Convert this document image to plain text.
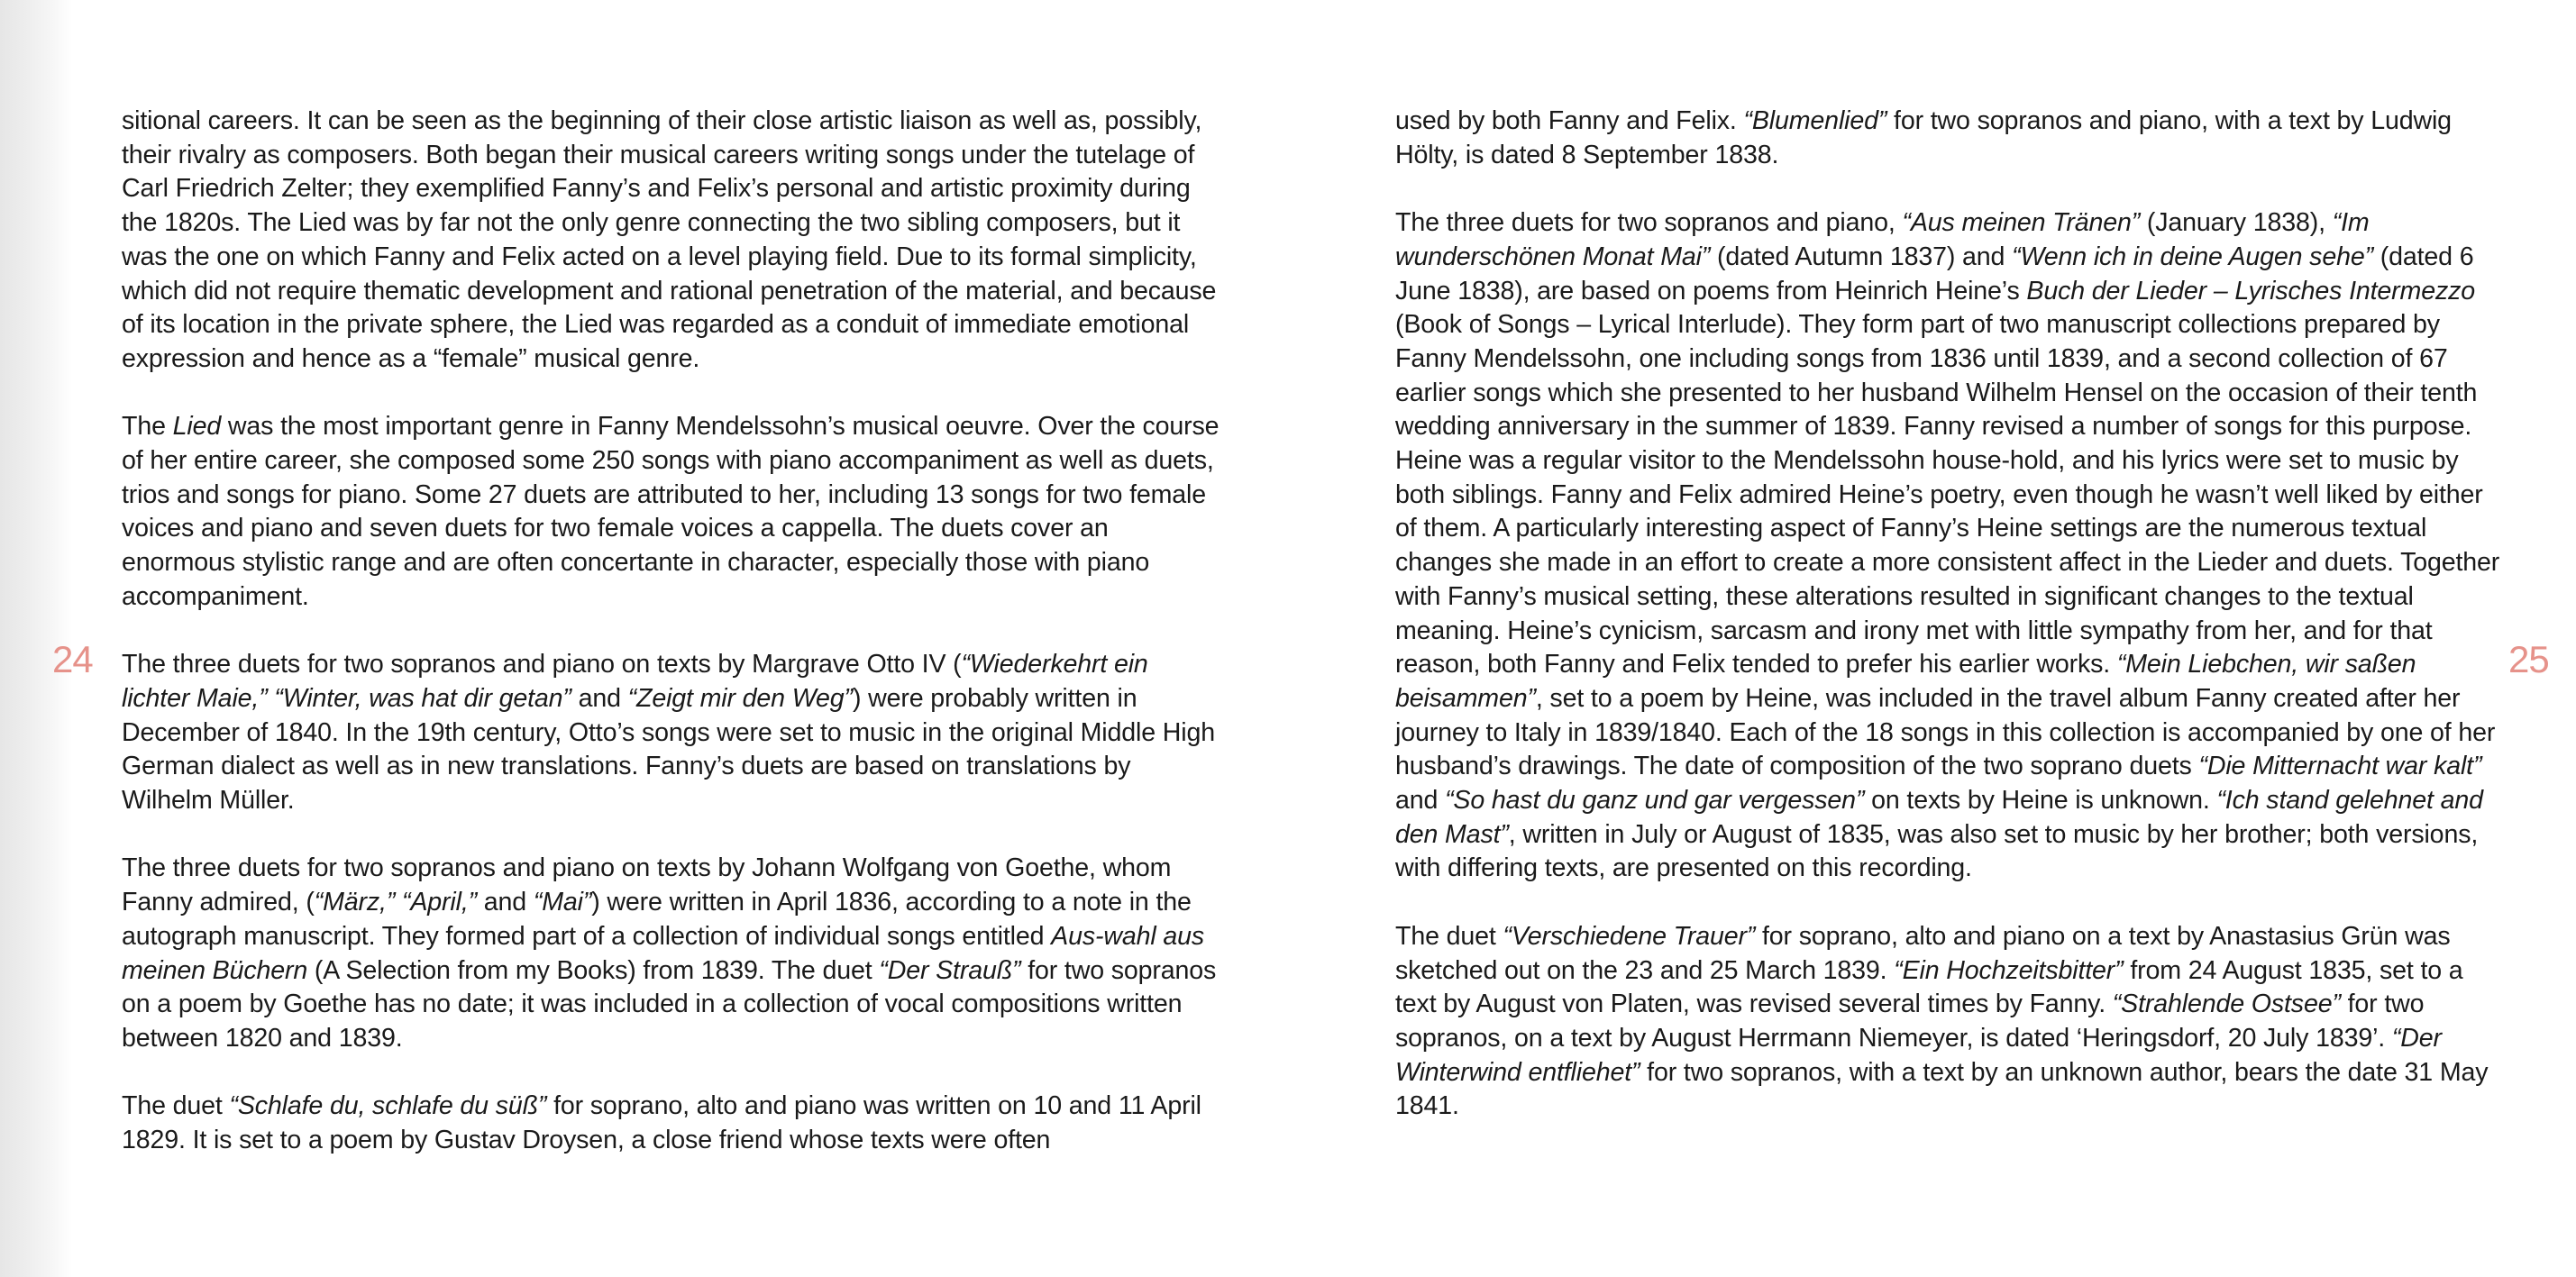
24	25

sitional careers. It can be seen as the beginning of their close artistic liaison as well as, possibly, their rivalry as composers. Both began their musical careers writing songs under the tutelage of Carl Friedrich Zelter; they exemplified Fanny’s and Felix’s personal and artistic proximity during the 1820s. The Lied was by far not the only genre connecting the two sibling composers, but it was the one on which Fanny and Felix acted on a level playing field. Due to its formal simplicity, which did not require thematic development and rational penetration of the material, and because of its location in the private sphere, the Lied was regarded as a conduit of immediate emotional expression and hence as a “female” musical genre.

The Lied was the most important genre in Fanny Mendelssohn’s musical oeuvre. Over the course of her entire career, she composed some 250 songs with piano accompaniment as well as duets, trios and songs for piano. Some 27 duets are attributed to her, including 13 songs for two female voices and piano and seven duets for two female voices a cappella. The duets cover an enormous stylistic range and are often concertante in character, especially those with piano accompaniment.

The three duets for two sopranos and piano on texts by Margrave Otto IV (“Wiederkehrt ein lichter Maie,” “Winter, was hat dir getan” and “Zeigt mir den Weg”) were probably written in December of 1840. In the 19th century, Otto’s songs were set to music in the original Middle High German dialect as well as in new translations. Fanny’s duets are based on translations by Wilhelm Müller.

The three duets for two sopranos and piano on texts by Johann Wolfgang von Goethe, whom Fanny admired, (“März,” “April,” and “Mai”) were written in April 1836, according to a note in the autograph manuscript. They formed part of a collection of individual songs entitled Aus-wahl aus meinen Büchern (A Selection from my Books) from 1839. The duet “Der Strauß” for two sopranos on a poem by Goethe has no date; it was included in a collection of vocal compositions written between 1820 and 1839.

The duet “Schlafe du, schlafe du süß” for soprano, alto and piano was written on 10 and 11 April 1829. It is set to a poem by Gustav Droysen, a close friend whose texts were often

used by both Fanny and Felix. “Blumenlied” for two sopranos and piano, with a text by Ludwig Hölty, is dated 8 September 1838.

The three duets for two sopranos and piano, “Aus meinen Tränen” (January 1838), “Im wunderschönen Monat Mai” (dated Autumn 1837) and “Wenn ich in deine Augen sehe” (dated 6 June 1838), are based on poems from Heinrich Heine’s Buch der Lieder – Lyrisches Intermezzo (Book of Songs – Lyrical Interlude). They form part of two manuscript collections prepared by Fanny Mendelssohn, one including songs from 1836 until 1839, and a second collection of 67 earlier songs which she presented to her husband Wilhelm Hensel on the occasion of their tenth wedding anniversary in the summer of 1839. Fanny revised a number of songs for this purpose. Heine was a regular visitor to the Mendelssohn house-hold, and his lyrics were set to music by both siblings. Fanny and Felix admired Heine’s poetry, even though he wasn’t well liked by either of them. A particularly interesting aspect of Fanny’s Heine settings are the numerous textual changes she made in an effort to create a more consistent affect in the Lieder and duets. Together with Fanny’s musical setting, these alterations resulted in significant changes to the textual meaning. Heine’s cynicism, sarcasm and irony met with little sympathy from her, and for that reason, both Fanny and Felix tended to prefer his earlier works. “Mein Liebchen, wir saßen beisammen”, set to a poem by Heine, was included in the travel album Fanny created after her journey to Italy in 1839/1840. Each of the 18 songs in this collection is accompanied by one of her husband’s drawings. The date of composition of the two soprano duets “Die Mitternacht war kalt” and “So hast du ganz und gar vergessen” on texts by Heine is unknown. “Ich stand gelehnet and den Mast”, written in July or August of 1835, was also set to music by her brother; both versions, with differing texts, are presented on this recording.

The duet “Verschiedene Trauer” for soprano, alto and piano on a text by Anastasius Grün was sketched out on the 23 and 25 March 1839. “Ein Hochzeitsbitter” from 24 August 1835, set to a text by August von Platen, was revised several times by Fanny. “Strahlende Ostsee” for two sopranos, on a text by August Herrmann Niemeyer, is dated ‘Heringsdorf, 20 July 1839’. “Der Winterwind entfliehet” for two sopranos, with a text by an unknown author, bears the date 31 May 1841.
